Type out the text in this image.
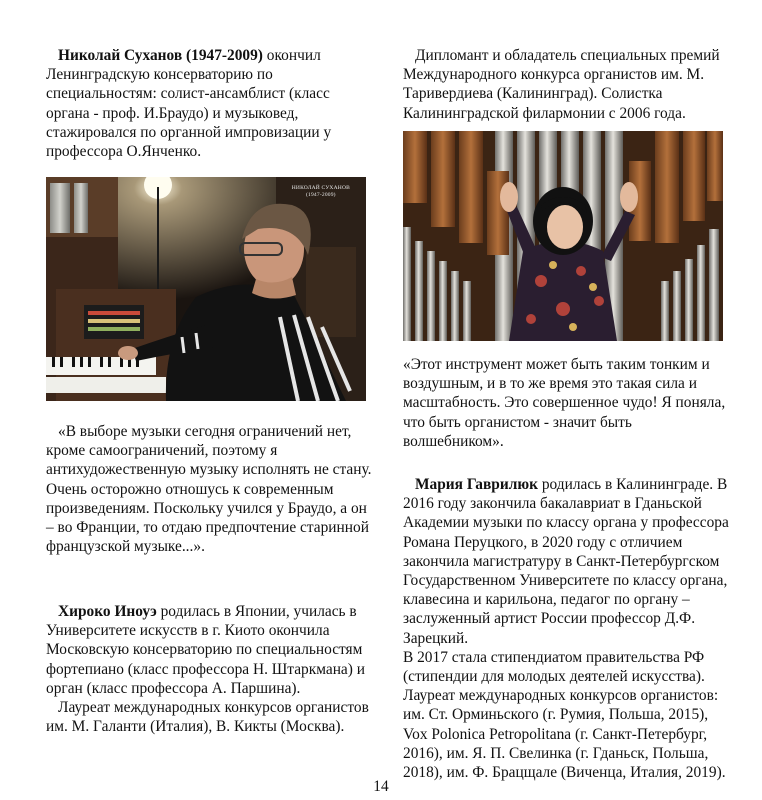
Николай Суханов (1947-2009) окончил Ленинградскую консерваторию по специальностям: солист-ансамблист (класс органа - проф. И.Браудо) и музыковед, стажировался по органной импровизации у профессора О.Янченко.

НИКОЛАЙ СУХАНОВ
(1947-2009)

«В выборе музыки сегодня ограничений нет, кроме самоограничений, поэтому я антихудожественную музыку исполнять не стану. Очень осторожно отношусь к современным произведениям. Поскольку учился у Браудо, а он – во Франции, то отдаю предпочтение старинной французской музыке...».

Хироко Иноуэ родилась в Японии, училась в Университете искусств в г. Киото окончила Московскую консерваторию по специальностям фортепиано (класс профессора Н. Штаркмана) и орган (класс профессора А. Паршина).

Лауреат международных конкурсов органистов им. М. Галанти (Италия), В. Кикты (Москва).

Дипломант и обладатель специальных премий Международного конкурса органистов им. М. Таривердиева (Калининград). Солистка Калининградской филармонии с 2006 года.

«Этот инструмент может быть таким тонким и воздушным, и в то же время это такая сила и масштабность. Это совершенное чудо! Я поняла, что быть органистом - значит быть волшебником».

Мария Гаврилюк родилась в Калининграде. В 2016 году закончила бакалавриат в Гданьской Академии музыки по классу органа у профессора Романа Перуцкого, в 2020 году с отличием закончила магистратуру в Санкт-Петербургском Государственном Университете по классу органа, клавесина и карильона, педагог по органу – заслуженный артист России профессор Д.Ф. Зарецкий.

В 2017 стала стипендиатом правительства РФ (стипендии для молодых деятелей искусства).

Лауреат международных конкурсов органистов: им. Ст. Орминьского (г. Румия, Польша, 2015), Vox Polonica Petropolitana (г. Санкт-Петербург, 2016), им. Я. П. Свелинка (г. Гданьск, Польша, 2018), им. Ф. Брацщале (Виченца, Италия, 2019).

14
